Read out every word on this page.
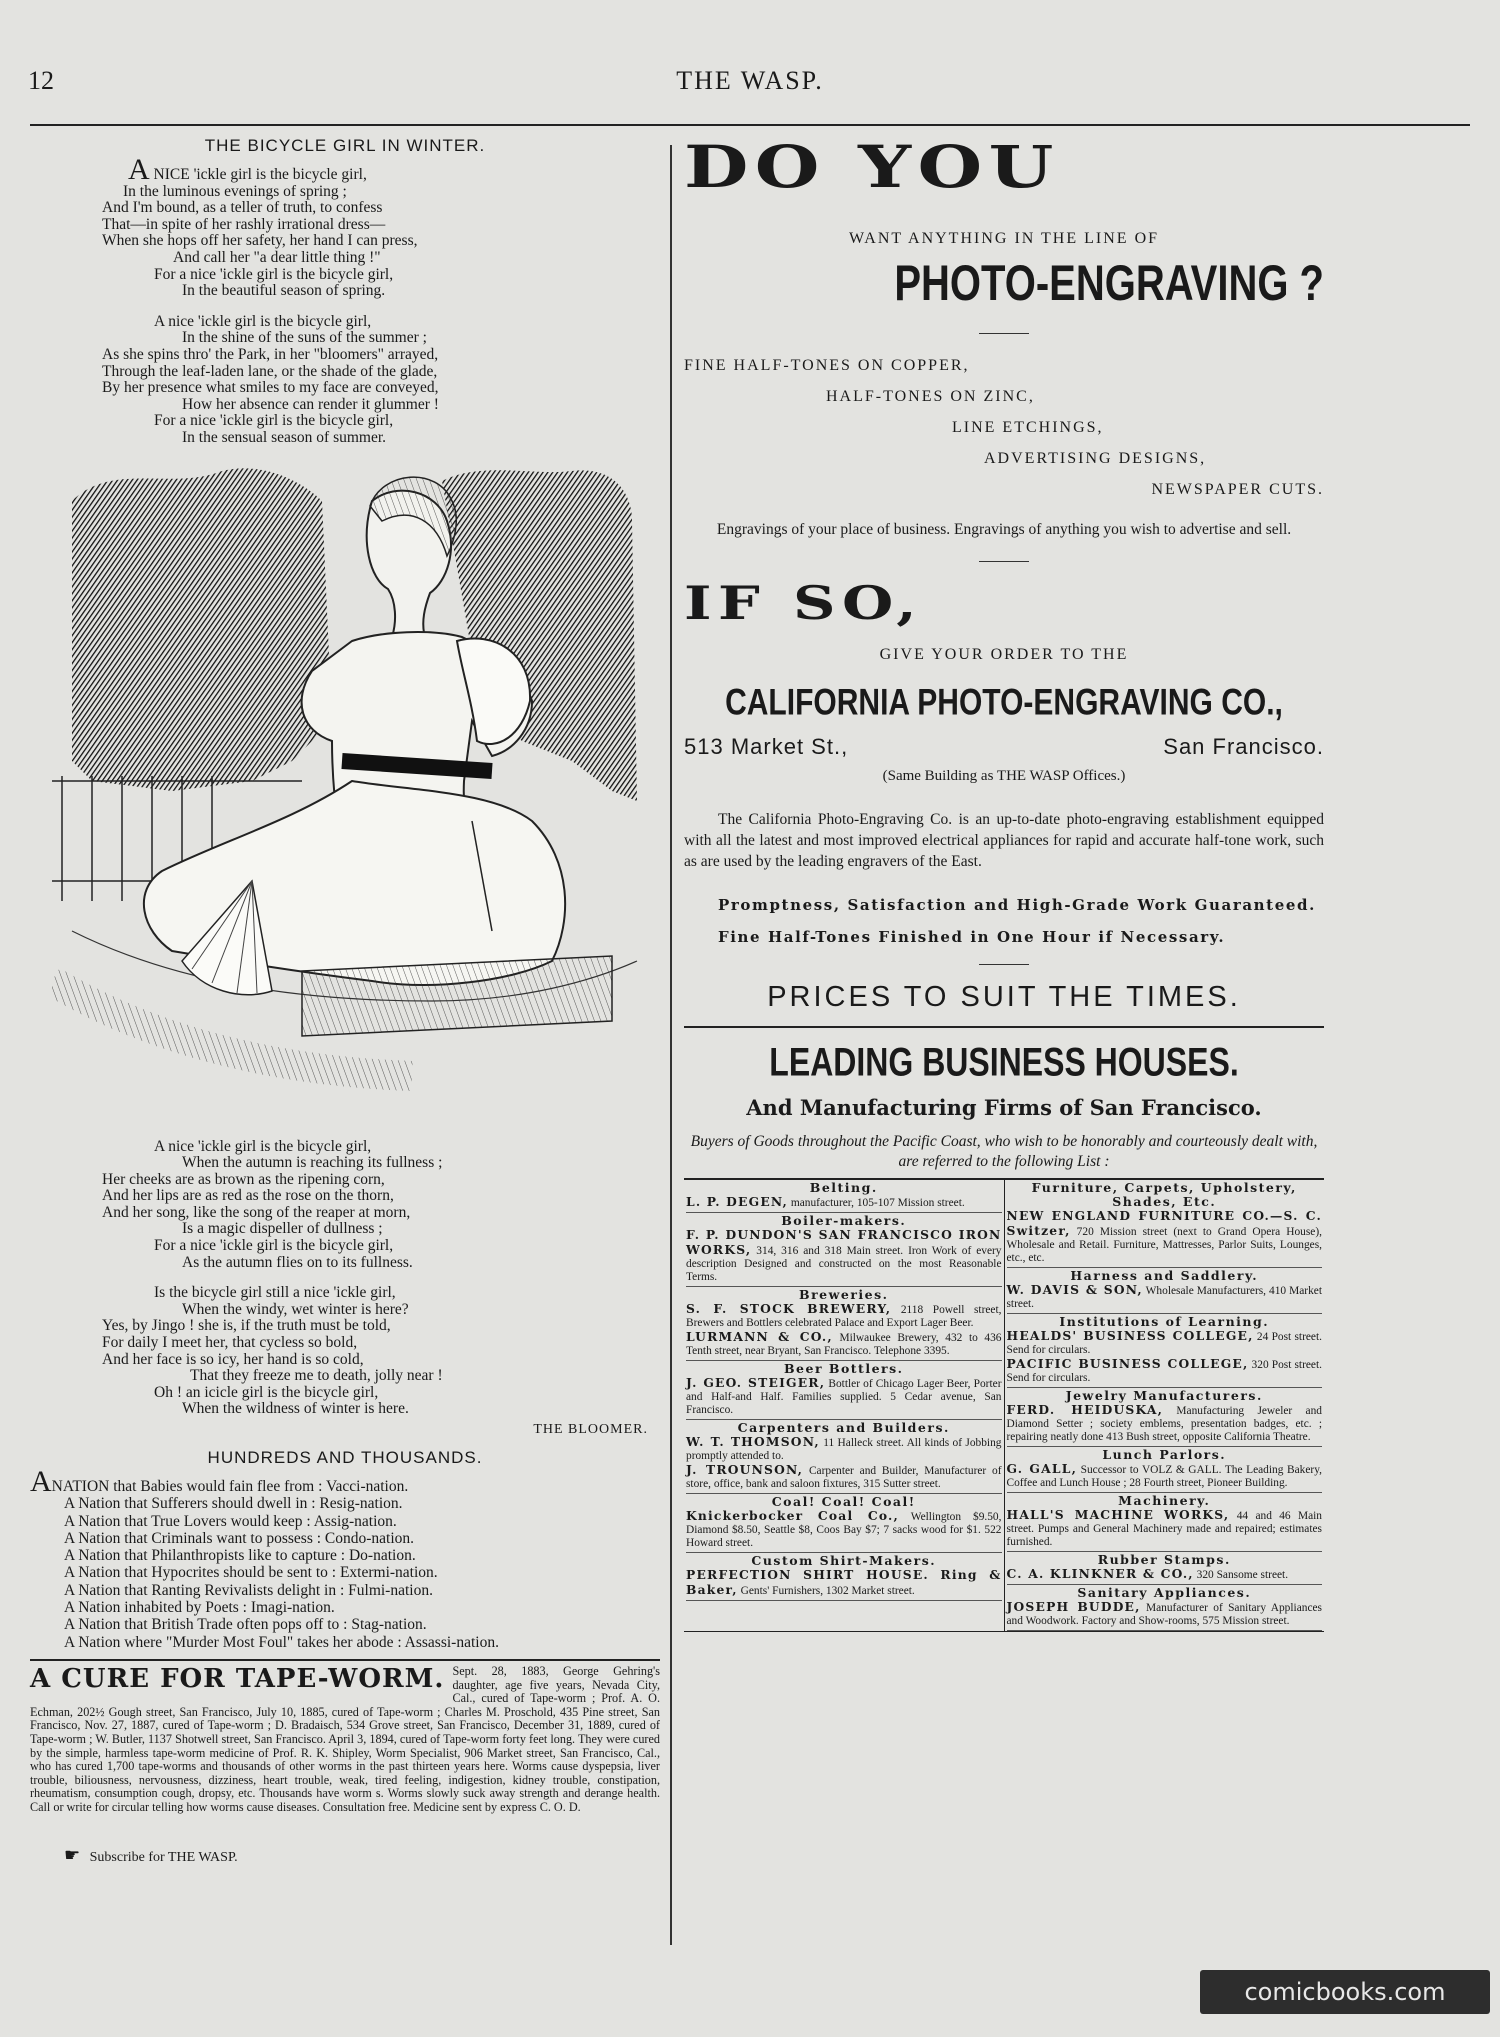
12	THE WASP.
THE BICYCLE GIRL IN WINTER.
A NICE 'ickle girl is the bicycle girl,
In the luminous evenings of spring ;
And I'm bound, as a teller of truth, to confess
That—in spite of her rashly irrational dress—
When she hops off her safety, her hand I can press,
And call her "a dear little thing !"
For a nice 'ickle girl is the bicycle girl,
In the beautiful season of spring.
A nice 'ickle girl is the bicycle girl,
In the shine of the suns of the summer ;
As she spins thro' the Park, in her "bloomers" arrayed,
Through the leaf-laden lane, or the shade of the glade,
By her presence what smiles to my face are conveyed,
How her absence can render it glummer !
For a nice 'ickle girl is the bicycle girl,
In the sensual season of summer.
A nice 'ickle girl is the bicycle girl,
When the autumn is reaching its fullness ;
Her cheeks are as brown as the ripening corn,
And her lips are as red as the rose on the thorn,
And her song, like the song of the reaper at morn,
Is a magic dispeller of dullness ;
For a nice 'ickle girl is the bicycle girl,
As the autumn flies on to its fullness.
Is the bicycle girl still a nice 'ickle girl,
When the windy, wet winter is here?
Yes, by Jingo ! she is, if the truth must be told,
For daily I meet her, that cycless so bold,
And her face is so icy, her hand is so cold,
That they freeze me to death, jolly near !
Oh ! an icicle girl is the bicycle girl,
When the wildness of winter is here.
THE BLOOMER.
HUNDREDS AND THOUSANDS.
ANATION that Babies would fain flee from : Vacci-nation.
A Nation that Sufferers should dwell in : Resig-nation.
A Nation that True Lovers would keep : Assig-nation.
A Nation that Criminals want to possess : Condo-nation.
A Nation that Philanthropists like to capture : Do-nation.
A Nation that Hypocrites should be sent to : Extermi-nation.
A Nation that Ranting Revivalists delight in : Fulmi-nation.
A Nation inhabited by Poets : Imagi-nation.
A Nation that British Trade often pops off to : Stag-nation.
A Nation where "Murder Most Foul" takes her abode : Assassi-nation.
A CURE FOR TAPE-WORM. Sept. 28, 1883, George Gehring's daughter, age five years, Nevada City, Cal., cured of Tape-worm ; Prof. A. O. Echman, 202½ Gough street, San Francisco, July 10, 1885, cured of Tape-worm ; Charles M. Proschold, 435 Pine street, San Francisco, Nov. 27, 1887, cured of Tape-worm ; D. Bradaisch, 534 Grove street, San Francisco, December 31, 1889, cured of Tape-worm ; W. Butler, 1137 Shotwell street, San Francisco. April 3, 1894, cured of Tape-worm forty feet long. They were cured by the simple, harmless tape-worm medicine of Prof. R. K. Shipley, Worm Specialist, 906 Market street, San Francisco, Cal., who has cured 1,700 tape-worms and thousands of other worms in the past thirteen years here. Worms cause dyspepsia, liver trouble, biliousness, nervousness, dizziness, heart trouble, weak, tired feeling, indigestion, kidney trouble, constipation, rheumatism, consumption cough, dropsy, etc. Thousands have worm s. Worms slowly suck away strength and derange health. Call or write for circular telling how worms cause diseases. Consultation free. Medicine sent by express C. O. D.
☛ Subscribe for THE WASP.
DO YOU
WANT ANYTHING IN THE LINE OF
PHOTO-ENGRAVING ?
FINE HALF-TONES ON COPPER,
HALF-TONES ON ZINC,
LINE ETCHINGS,
ADVERTISING DESIGNS,
NEWSPAPER CUTS.
Engravings of your place of business. Engravings of anything you wish to advertise and sell.
IF SO,
GIVE YOUR ORDER TO THE
CALIFORNIA PHOTO-ENGRAVING CO.,
513 Market St.,	San Francisco.
(Same Building as THE WASP Offices.)
The California Photo-Engraving Co. is an up-to-date photo-engraving establishment equipped with all the latest and most improved electrical appliances for rapid and accurate half-tone work, such as are used by the leading engravers of the East.
Promptness, Satisfaction and High-Grade Work Guaranteed.
Fine Half-Tones Finished in One Hour if Necessary.
PRICES TO SUIT THE TIMES.
LEADING BUSINESS HOUSES.
And Manufacturing Firms of San Francisco.
Buyers of Goods throughout the Pacific Coast, who wish to be honorably and courteously dealt with, are referred to the following List :
Belting.
L. P. DEGEN, manufacturer, 105-107 Mission street.
Boiler-makers.
F. P. DUNDON'S SAN FRANCISCO IRON WORKS, 314, 316 and 318 Main street. Iron Work of every description Designed and constructed on the most Reasonable Terms.
Breweries.
S. F. STOCK BREWERY, 2118 Powell street, Brewers and Bottlers celebrated Palace and Export Lager Beer.
LURMANN & CO., Milwaukee Brewery, 432 to 436 Tenth street, near Bryant, San Francisco. Telephone 3395.
Beer Bottlers.
J. GEO. STEIGER, Bottler of Chicago Lager Beer, Porter and Half-and Half. Families supplied. 5 Cedar avenue, San Francisco.
Carpenters and Builders.
W. T. THOMSON, 11 Halleck street. All kinds of Jobbing promptly attended to.
J. TROUNSON, Carpenter and Builder, Manufacturer of store, office, bank and saloon fixtures, 315 Sutter street.
Coal! Coal! Coal!
Knickerbocker Coal Co., Wellington $9.50, Diamond $8.50, Seattle $8, Coos Bay $7; 7 sacks wood for $1. 522 Howard street.
Custom Shirt-Makers.
PERFECTION SHIRT HOUSE. Ring & Baker, Gents' Furnishers, 1302 Market street.
Furniture, Carpets, Upholstery, Shades, Etc.
NEW ENGLAND FURNITURE CO.—S. C. Switzer, 720 Mission street (next to Grand Opera House), Wholesale and Retail. Furniture, Mattresses, Parlor Suits, Lounges, etc., etc.
Harness and Saddlery.
W. DAVIS & SON, Wholesale Manufacturers, 410 Market street.
Institutions of Learning.
HEALDS' BUSINESS COLLEGE, 24 Post street. Send for circulars.
PACIFIC BUSINESS COLLEGE, 320 Post street. Send for circulars.
Jewelry Manufacturers.
FERD. HEIDUSKA, Manufacturing Jeweler and Diamond Setter ; society emblems, presentation badges, etc. ; repairing neatly done 413 Bush street, opposite California Theatre.
Lunch Parlors.
G. GALL, Successor to VOLZ & GALL. The Leading Bakery, Coffee and Lunch House ; 28 Fourth street, Pioneer Building.
Machinery.
HALL'S MACHINE WORKS, 44 and 46 Main street. Pumps and General Machinery made and repaired; estimates furnished.
Rubber Stamps.
C. A. KLINKNER & CO., 320 Sansome street.
Sanitary Appliances.
JOSEPH BUDDE, Manufacturer of Sanitary Appliances and Woodwork. Factory and Show-rooms, 575 Mission street.
comicbooks.com
